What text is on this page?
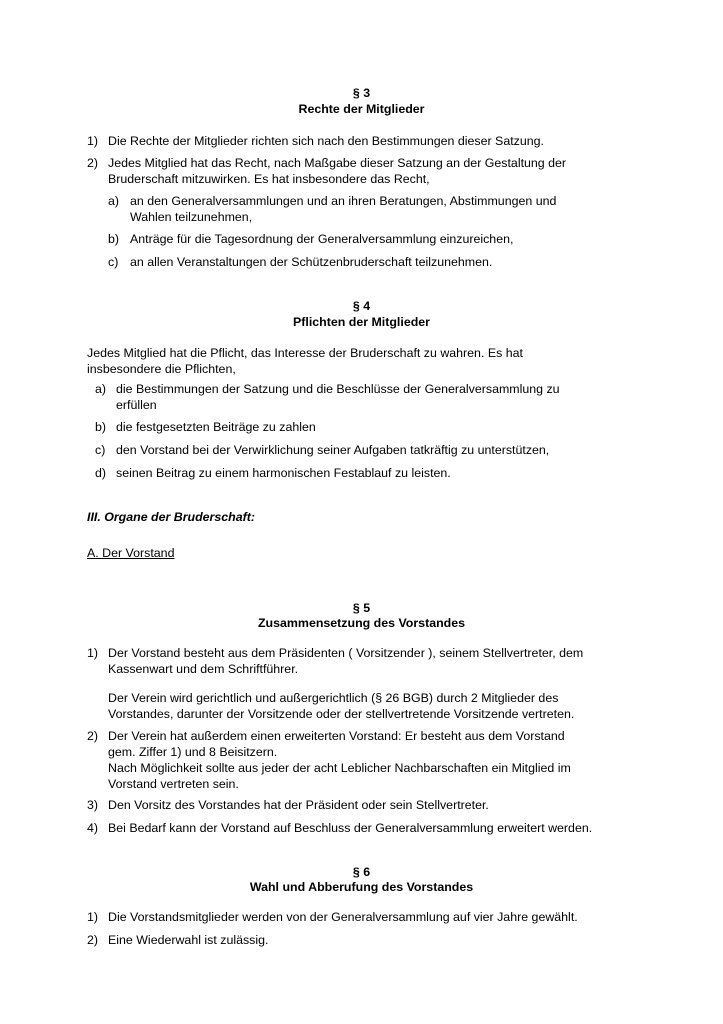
§ 3
Rechte der Mitglieder
1) Die Rechte der Mitglieder richten sich nach den Bestimmungen dieser Satzung.
2) Jedes Mitglied hat das Recht, nach Maßgabe dieser Satzung an der Gestaltung der
Bruderschaft mitzuwirken. Es hat insbesondere das Recht,
a) an den Generalversammlungen und an ihren Beratungen, Abstimmungen und
Wahlen teilzunehmen,
b) Anträge für die Tagesordnung der Generalversammlung einzureichen,
c) an allen Veranstaltungen der Schützenbruderschaft teilzunehmen.
§ 4
Pflichten der Mitglieder
Jedes Mitglied hat die Pflicht, das Interesse der Bruderschaft zu wahren. Es hat
insbesondere die Pflichten,
a) die Bestimmungen der Satzung und die Beschlüsse der Generalversammlung zu
erfüllen
b) die festgesetzten Beiträge zu zahlen
c) den Vorstand bei der Verwirklichung seiner Aufgaben tatkräftig zu unterstützen,
d) seinen Beitrag zu einem harmonischen Festablauf zu leisten.
III. Organe der Bruderschaft:
A. Der Vorstand
§ 5
Zusammensetzung des Vorstandes
1) Der Vorstand besteht aus dem Präsidenten ( Vorsitzender ), seinem Stellvertreter, dem
Kassenwart und dem Schriftführer.
Der Verein wird gerichtlich und außergerichtlich (§ 26 BGB) durch 2 Mitglieder des
Vorstandes, darunter der Vorsitzende oder der stellvertretende Vorsitzende vertreten.
2) Der Verein hat außerdem einen erweiterten Vorstand: Er besteht aus dem Vorstand
gem. Ziffer 1) und 8 Beisitzern.
Nach Möglichkeit sollte aus jeder der acht Leblicher Nachbarschaften ein Mitglied im
Vorstand vertreten sein.
3) Den Vorsitz des Vorstandes hat der Präsident oder sein Stellvertreter.
4) Bei Bedarf kann der Vorstand auf Beschluss der Generalversammlung erweitert werden.
§ 6
Wahl und Abberufung des Vorstandes
1) Die Vorstandsmitglieder werden von der Generalversammlung auf vier Jahre gewählt.
2) Eine Wiederwahl ist zulässig.
